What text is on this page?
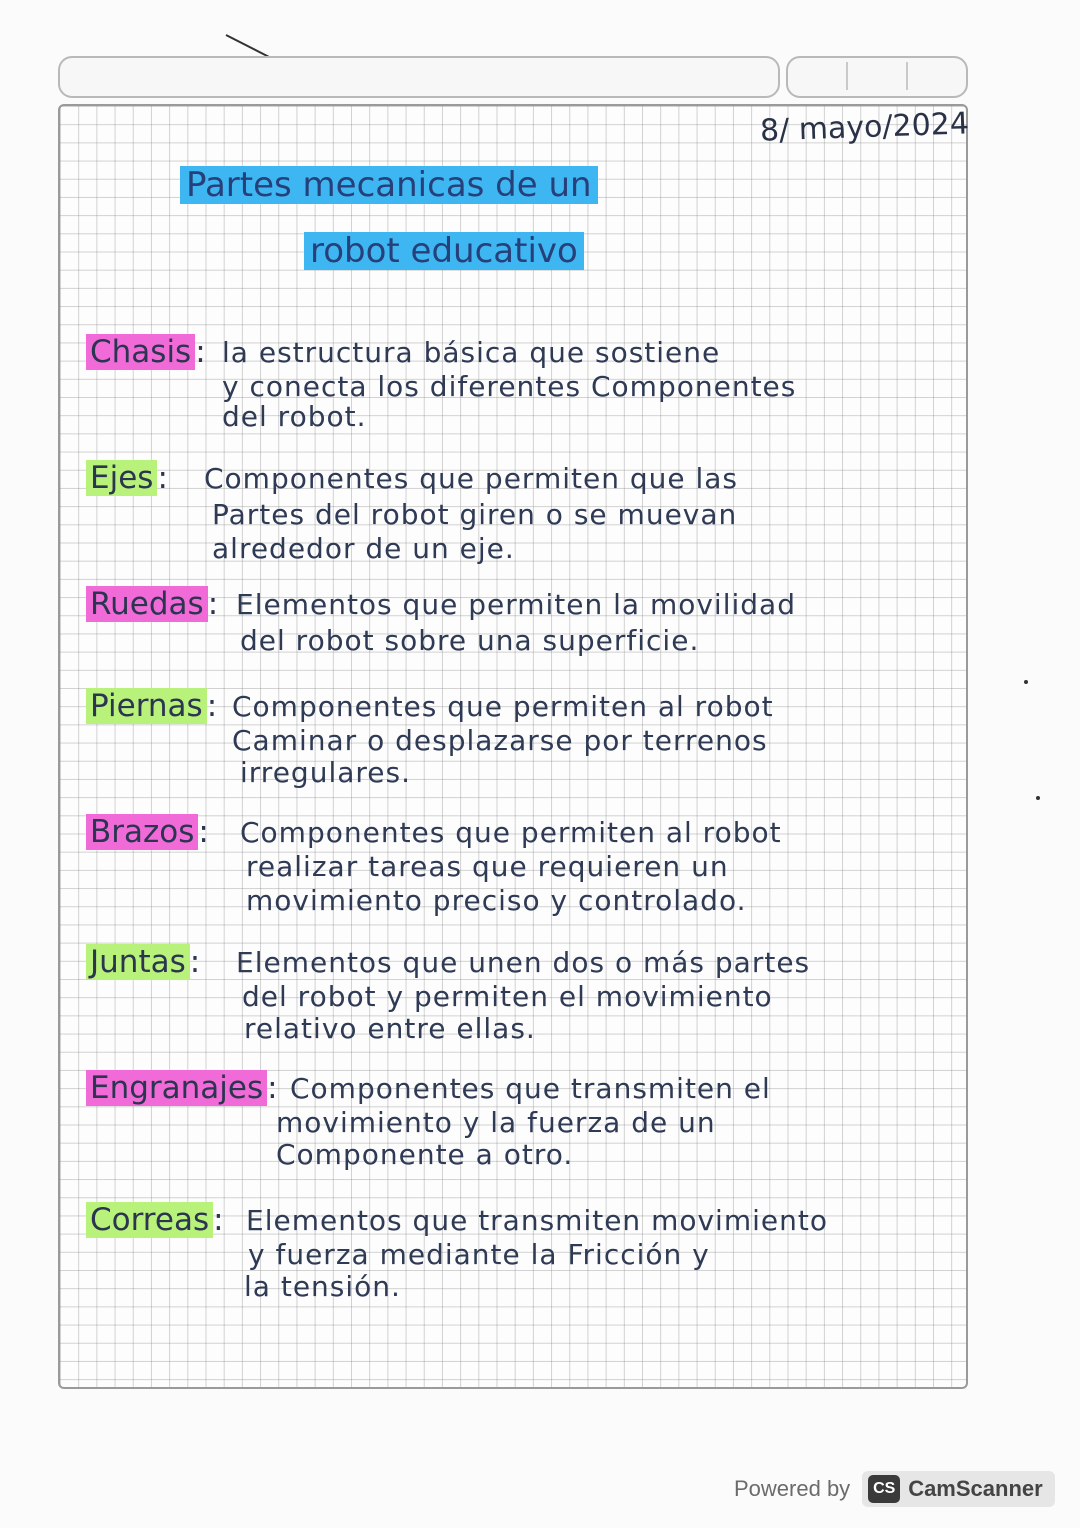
8/ mayo/2024
Partes mecanicas de un
robot educativo
Chasis : la estructura básica que sostiene
y conecta los diferentes Componentes
del robot.
Ejes :	Componentes que permiten que las
Partes del robot giren o se muevan
alrededor de un eje.
Ruedas : Elementos que permiten la movilidad
del robot sobre una superficie.
Piernas : Componentes que permiten al robot
Caminar o desplazarse por terrenos
irregulares.
Brazos :	Componentes que permiten al robot
realizar tareas que requieren un
movimiento preciso y controlado.
Juntas :	Elementos que unen dos o más partes
del robot y permiten el movimiento
relativo entre ellas.
Engranajes : Componentes que transmiten el
movimiento y la fuerza de un
Componente a otro.
Correas : Elementos que transmiten movimiento
y fuerza mediante la Fricción y
la tensión.
Powered by	CS CamScanner
